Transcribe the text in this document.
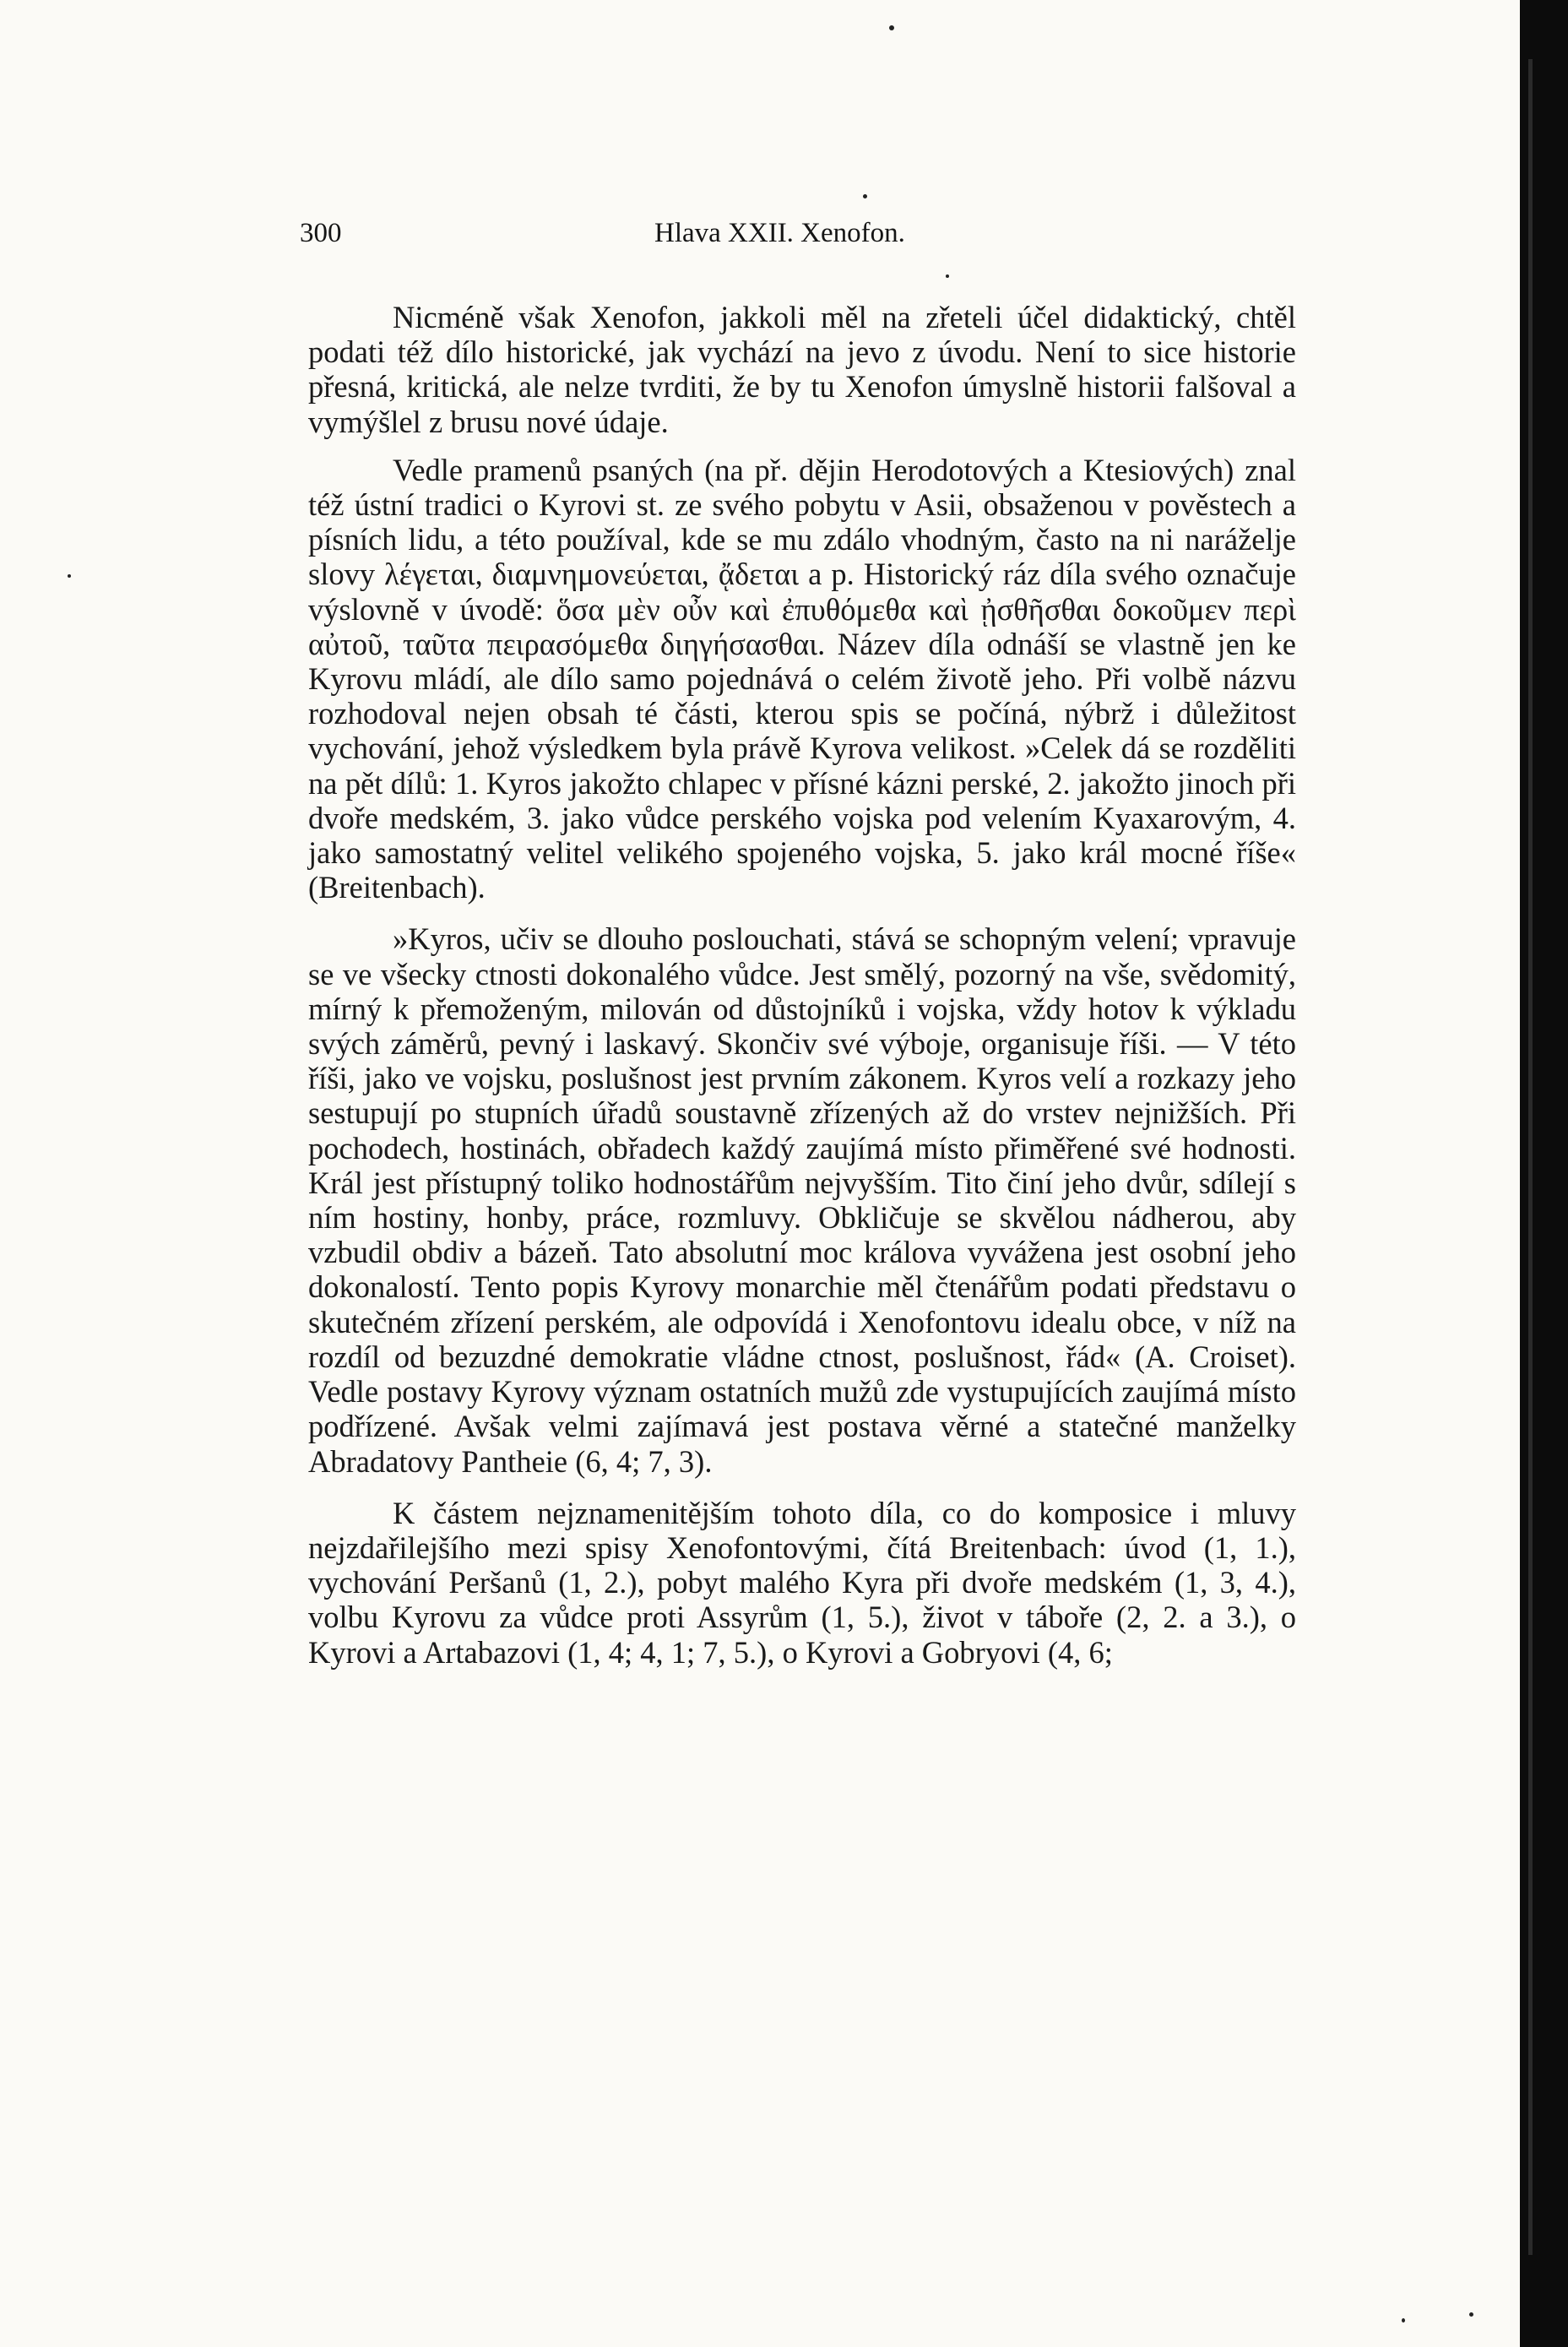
300	Hlava XXII. Xenofon.

Nicméně však Xenofon, jakkoli měl na zřeteli účel didaktický, chtěl podati též dílo historické, jak vychází na jevo z úvodu. Není to sice historie přesná, kritická, ale nelze tvrditi, že by tu Xenofon úmyslně historii falšoval a vymýšlel z brusu nové údaje.

Vedle pramenů psaných (na př. dějin Herodotových a Ktesiových) znal též ústní tradici o Kyrovi st. ze svého pobytu v Asii, obsaženou v pověstech a písních lidu, a této používal, kde se mu zdálo vhodným, často na ni naráželje slovy λέγεται, διαμνημονεύεται, ᾄδεται a p. Historický ráz díla svého označuje výslovně v úvodě: ὅσα μὲν οὖν καὶ ἐπυθόμεθα καὶ ᾐσθῆσθαι δοκοῦμεν περὶ αὐτοῦ, ταῦτα πειρασόμεθα διηγήσασθαι. Název díla odnáší se vlastně jen ke Kyrovu mládí, ale dílo samo pojednává o celém životě jeho. Při volbě názvu rozhodoval nejen obsah té části, kterou spis se počíná, nýbrž i důležitost vychování, jehož výsledkem byla právě Kyrova velikost. »Celek dá se rozděliti na pět dílů: 1. Kyros jakožto chlapec v přísné kázni perské, 2. jakožto jinoch při dvoře medském, 3. jako vůdce perského vojska pod velením Kyaxarovým, 4. jako samostatný velitel velikého spojeného vojska, 5. jako král mocné říše« (Breitenbach).

»Kyros, učiv se dlouho poslouchati, stává se schopným velení; vpravuje se ve všecky ctnosti dokonalého vůdce. Jest smělý, pozorný na vše, svědomitý, mírný k přemoženým, milován od důstojníků i vojska, vždy hotov k výkladu svých záměrů, pevný i laskavý. Skončiv své výboje, organisuje říši. — V této říši, jako ve vojsku, poslušnost jest prvním zákonem. Kyros velí a rozkazy jeho sestupují po stupních úřadů soustavně zřízených až do vrstev nejnižších. Při pochodech, hostinách, obřadech každý zaujímá místo přiměřené své hodnosti. Král jest přístupný toliko hodnostářům nejvyšším. Tito činí jeho dvůr, sdílejí s ním hostiny, honby, práce, rozmluvy. Obkličuje se skvělou nádherou, aby vzbudil obdiv a bázeň. Tato absolutní moc králova vyvážena jest osobní jeho dokonalostí. Tento popis Kyrovy monarchie měl čtenářům podati představu o skutečném zřízení perském, ale odpovídá i Xenofontovu idealu obce, v níž na rozdíl od bezuzdné demokratie vládne ctnost, poslušnost, řád« (A. Croiset). Vedle postavy Kyrovy význam ostatních mužů zde vystupujících zaujímá místo podřízené. Avšak velmi zajímavá jest postava věrné a statečné manželky Abradatovy Pantheie (6, 4; 7, 3).

K částem nejznamenitějším tohoto díla, co do komposice i mluvy nejzdařilejšího mezi spisy Xenofontovými, čítá Breitenbach: úvod (1, 1.), vychování Peršanů (1, 2.), pobyt malého Kyra při dvoře medském (1, 3, 4.), volbu Kyrovu za vůdce proti Assyrům (1, 5.), život v táboře (2, 2. a 3.), o Kyrovi a Artabazovi (1, 4; 4, 1; 7, 5.), o Kyrovi a Gobryovi (4, 6;
